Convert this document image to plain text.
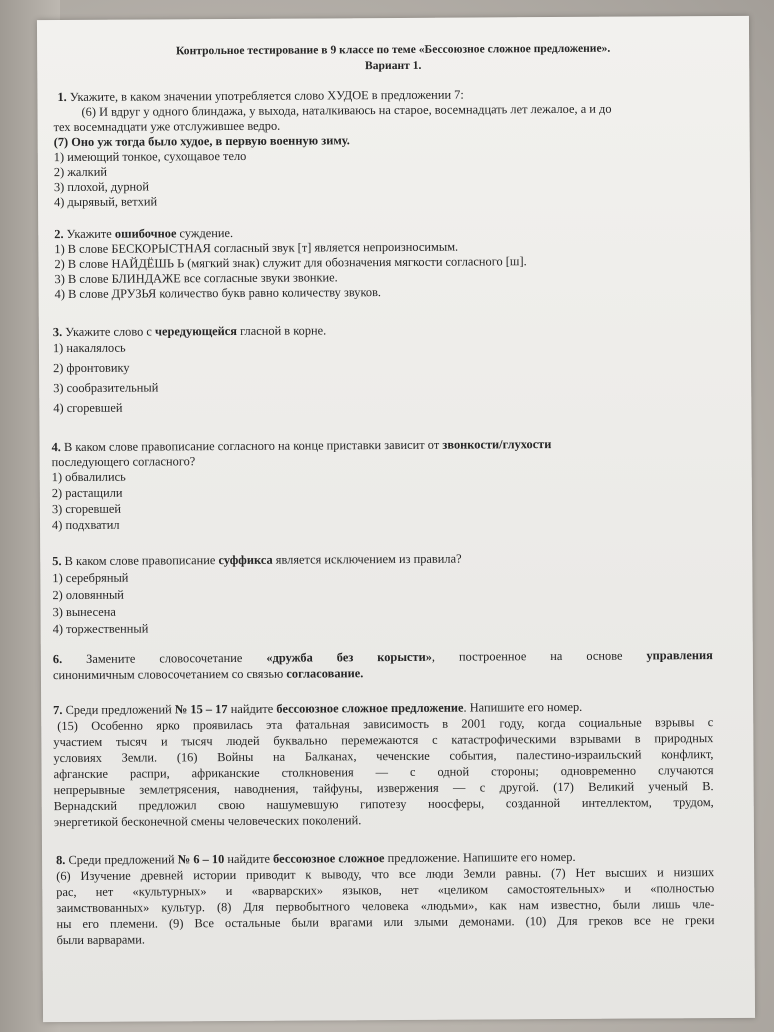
Контрольное тестирование в 9 классе по теме «Бессоюзное сложное предложение».
Вариант 1.
1. Укажите, в каком значении употребляется слово ХУДОЕ в предложении 7:
(6) И вдруг у одного блиндажа, у выхода, наталкиваюсь на старое, восемнадцать лет лежалое, а и до
тех восемнадцати уже отслужившее ведро.
(7) Оно уж тогда было худое, в первую военную зиму.
1) имеющий тонкое, сухощавое тело
2) жалкий
3) плохой, дурной
4) дырявый, ветхий
2. Укажите ошибочное суждение.
1) В слове БЕСКОРЫСТНАЯ согласный звук [т] является непроизносимым.
2) В слове НАЙДЁШЬ Ь (мягкий знак) служит для обозначения мягкости согласного [ш].
3) В слове БЛИНДАЖЕ все согласные звуки звонкие.
4) В слове ДРУЗЬЯ количество букв равно количеству звуков.
3. Укажите слово с чередующейся гласной в корне.
1) накалялось
2) фронтовику
3) сообразительный
4) сгоревшей
4. В каком слове правописание согласного на конце приставки зависит от звонкости/глухости
последующего согласного?
1) обвалились
2) растащили
3) сгоревшей
4) подхватил
5. В каком слове правописание суффикса является исключением из правила?
1) серебряный
2) оловянный
3) вынесена
4) торжественный
6. Замените словосочетание «дружба без корысти», построенное на основе управления
синонимичным словосочетанием со связью согласование.
7. Среди предложений № 15 – 17 найдите бессоюзное сложное предложение. Напишите его номер.
(15) Особенно ярко проявилась эта фатальная зависимость в 2001 году, когда социальные взрывы с
участием тысяч и тысяч людей буквально перемежаются с катастрофическими взрывами в природных
условиях Земли. (16) Войны на Балканах, чеченские события, палестино-израильский конфликт,
афганские распри, африканские столкновения — с одной стороны; одновременно случаются
непрерывные землетрясения, наводнения, тайфуны, извержения — с другой. (17) Великий ученый В.
Вернадский предложил свою нашумевшую гипотезу ноосферы, созданной интеллектом, трудом,
энергетикой бесконечной смены человеческих поколений.
8. Среди предложений № 6 – 10 найдите бессоюзное сложное предложение. Напишите его номер.
(6) Изучение древней истории приводит к выводу, что все люди Земли равны. (7) Нет высших и низших
рас, нет «культурных» и «варварских» языков, нет «целиком самостоятельных» и «полностью
заимствованных» культур. (8) Для первобытного человека «людьми», как нам известно, были лишь чле-
ны его племени. (9) Все остальные были врагами или злыми демонами. (10) Для греков все не греки
были варварами.
